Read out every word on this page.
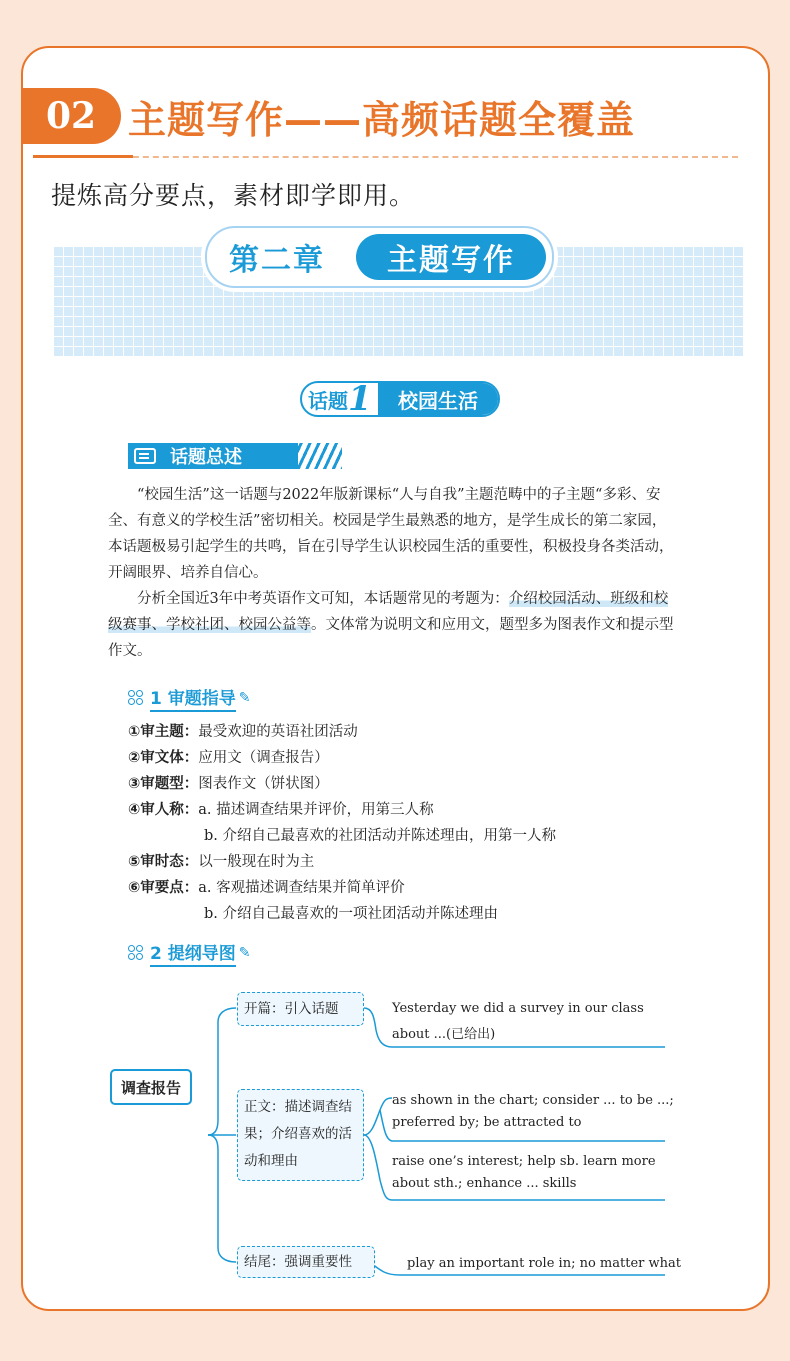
02 主题写作——高频话题全覆盖
提炼高分要点，素材即学即用。
第二章	主题写作
话题 1	校园生活
话题总述

“校园生活”这一话题与2022年版新课标“人与自我”主题范畴中的子主题“多彩、安全、有意义的学校生活”密切相关。校园是学生最熟悉的地方，是学生成长的第二家园，本话题极易引起学生的共鸣，旨在引导学生认识校园生活的重要性，积极投身各类活动，开阔眼界、培养自信心。

分析全国近3年中考英语作文可知，本话题常见的考题为：介绍校园活动、班级和校级赛事、学校社团、校园公益等。文体常为说明文和应用文，题型多为图表作文和提示型作文。

1 审题指导 ✎
①审主题：最受欢迎的英语社团活动
②审文体：应用文（调查报告）
③审题型：图表作文（饼状图）
④审人称：a. 描述调查结果并评价，用第三人称
b. 介绍自己最喜欢的社团活动并陈述理由，用第一人称
⑤审时态：以一般现在时为主
⑥审要点：a. 客观描述调查结果并简单评价
b. 介绍自己最喜欢的一项社团活动并陈述理由
2 提纲导图 ✎
调查报告
开篇：引入话题
正文：描述调查结果；介绍喜欢的活动和理由
结尾：强调重要性
Yesterday we did a survey in our class
about ...(已给出)
as shown in the chart; consider ... to be ...;
preferred by; be attracted to
raise one’s interest; help sb. learn more
about sth.; enhance ... skills
play an important role in; no matter what
